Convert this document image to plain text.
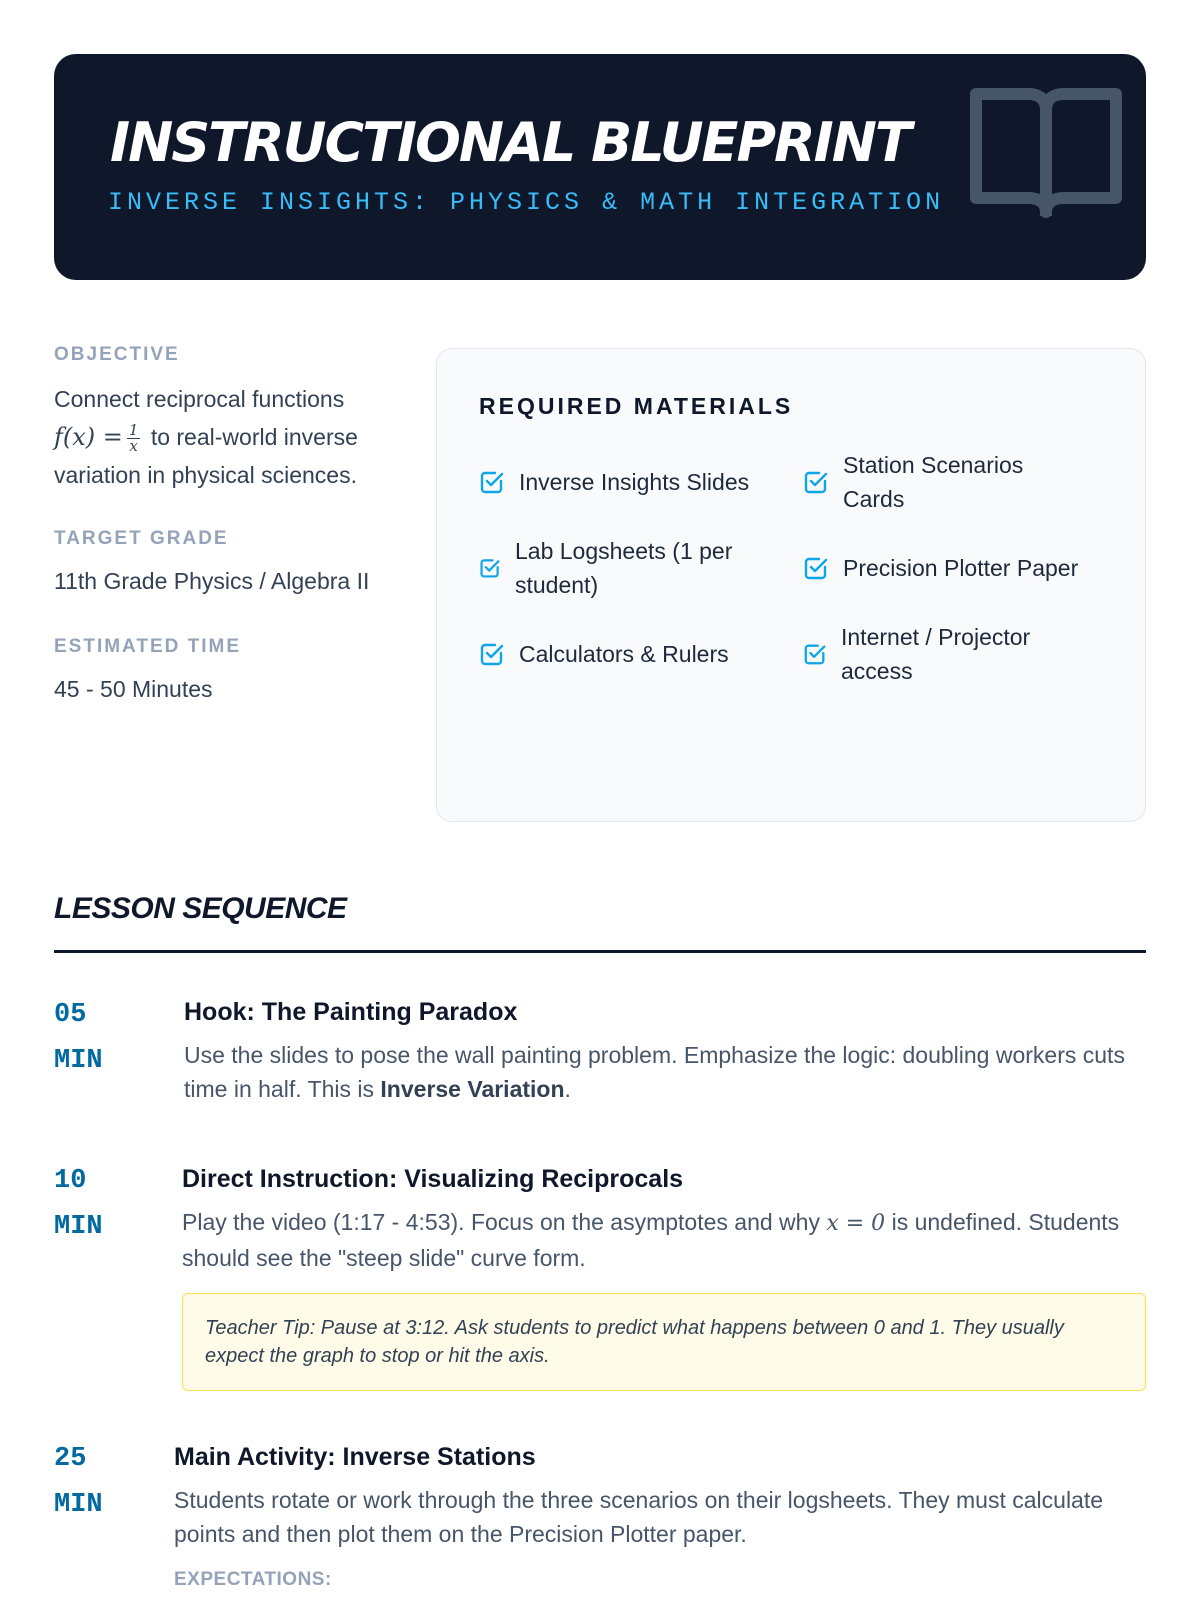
INSTRUCTIONAL BLUEPRINT
INVERSE INSIGHTS: PHYSICS & MATH INTEGRATION
OBJECTIVE
Connect reciprocal functions
$f(x) = \frac{1}{x}$ to real-world inverse variation in physical sciences.
TARGET GRADE
11th Grade Physics / Algebra II
ESTIMATED TIME
45 - 50 Minutes
REQUIRED MATERIALS
Inverse Insights Slides
Station Scenarios Cards
Lab Logsheets (1 per student)
Precision Plotter Paper
Calculators & Rulers
Internet / Projector access
LESSON SEQUENCE
05
MIN
Hook: The Painting Paradox
Use the slides to pose the wall painting problem. Emphasize the logic: doubling workers cuts time in half. This is Inverse Variation.
10
MIN
Direct Instruction: Visualizing Reciprocals
Play the video (1:17 - 4:53). Focus on the asymptotes and why x = 0 is undefined. Students should see the "steep slide" curve form.
Teacher Tip: Pause at 3:12. Ask students to predict what happens between 0 and 1. They usually expect the graph to stop or hit the axis.
25
MIN
Main Activity: Inverse Stations
Students rotate or work through the three scenarios on their logsheets. They must calculate points and then plot them on the Precision Plotter paper.
EXPECTATIONS:
